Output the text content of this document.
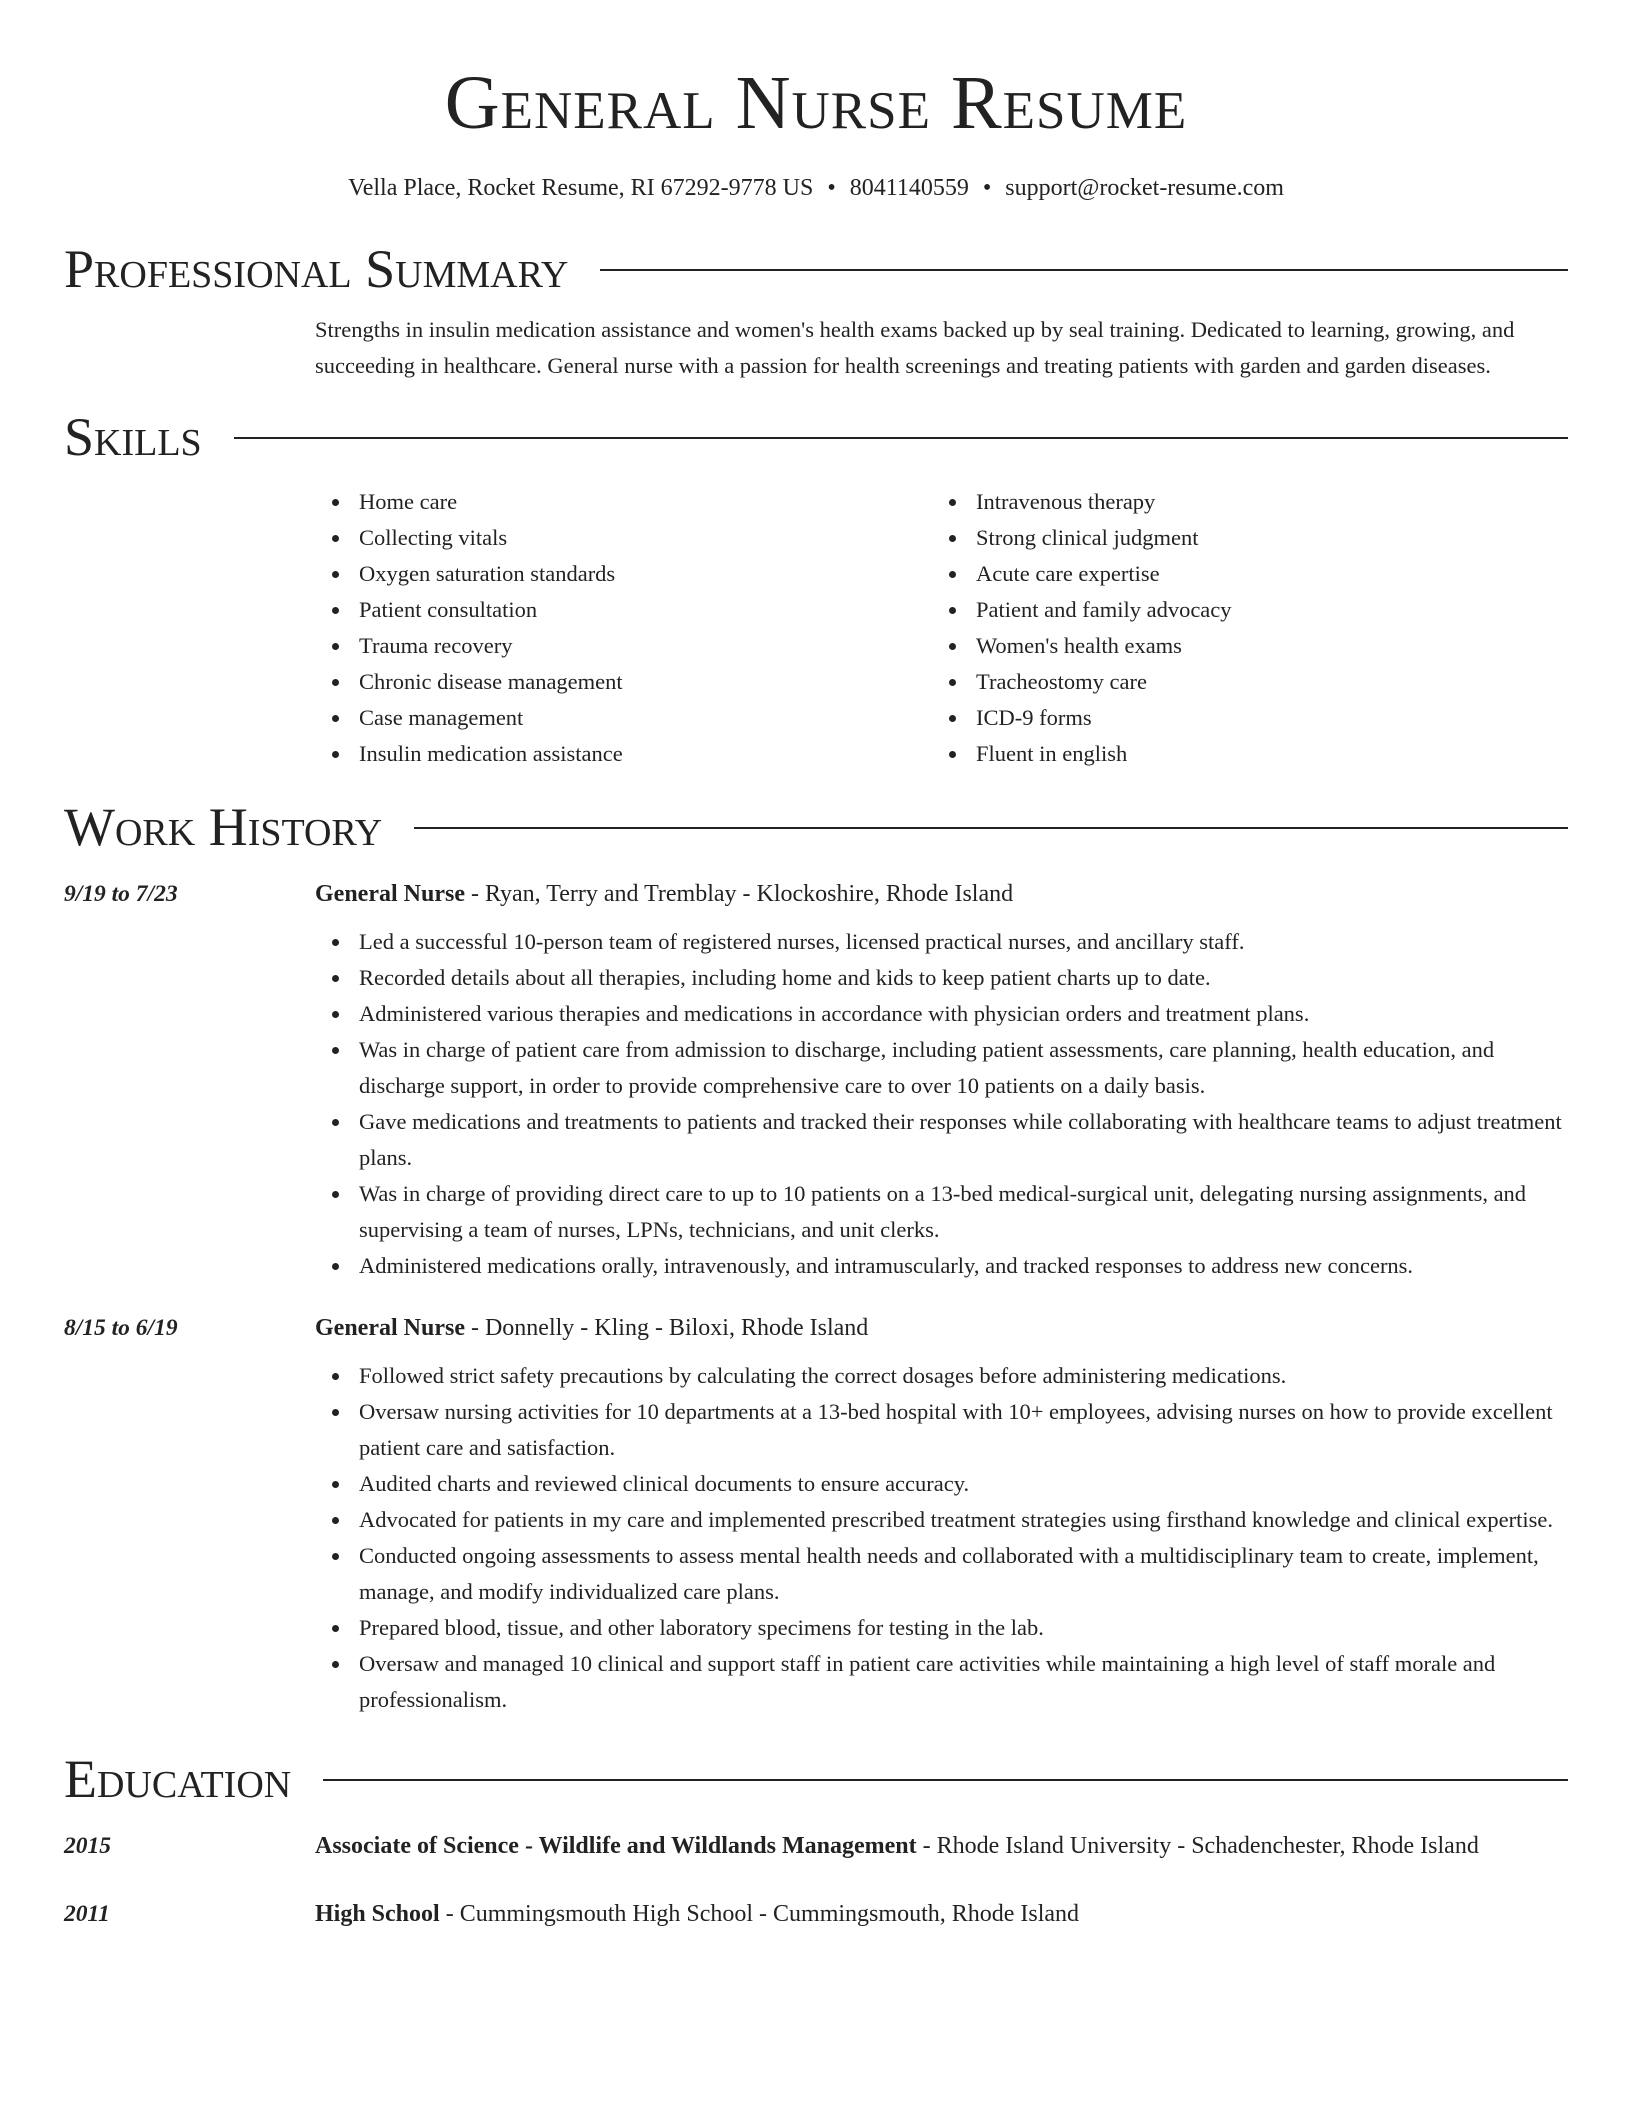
General Nurse Resume
Vella Place, Rocket Resume, RI 67292-9778 US • 8041140559 • support@rocket-resume.com
Professional Summary

Strengths in insulin medication assistance and women's health exams backed up by seal training. Dedicated to learning, growing, and succeeding in healthcare. General nurse with a passion for health screenings and treating patients with garden and garden diseases.

Skills
Home care
Collecting vitals
Oxygen saturation standards
Patient consultation
Trauma recovery
Chronic disease management
Case management
Insulin medication assistance
Intravenous therapy
Strong clinical judgment
Acute care expertise
Patient and family advocacy
Women's health exams
Tracheostomy care
ICD-9 forms
Fluent in english
Work History
9/19 to 7/23	General Nurse - Ryan, Terry and Tremblay - Klockoshire, Rhode Island
Led a successful 10-person team of registered nurses, licensed practical nurses, and ancillary staff.
Recorded details about all therapies, including home and kids to keep patient charts up to date.
Administered various therapies and medications in accordance with physician orders and treatment plans.
Was in charge of patient care from admission to discharge, including patient assessments, care planning, health education, and discharge support, in order to provide comprehensive care to over 10 patients on a daily basis.
Gave medications and treatments to patients and tracked their responses while collaborating with healthcare teams to adjust treatment plans.
Was in charge of providing direct care to up to 10 patients on a 13-bed medical-surgical unit, delegating nursing assignments, and supervising a team of nurses, LPNs, technicians, and unit clerks.
Administered medications orally, intravenously, and intramuscularly, and tracked responses to address new concerns.
8/15 to 6/19	General Nurse - Donnelly - Kling - Biloxi, Rhode Island
Followed strict safety precautions by calculating the correct dosages before administering medications.
Oversaw nursing activities for 10 departments at a 13-bed hospital with 10+ employees, advising nurses on how to provide excellent patient care and satisfaction.
Audited charts and reviewed clinical documents to ensure accuracy.
Advocated for patients in my care and implemented prescribed treatment strategies using firsthand knowledge and clinical expertise.
Conducted ongoing assessments to assess mental health needs and collaborated with a multidisciplinary team to create, implement, manage, and modify individualized care plans.
Prepared blood, tissue, and other laboratory specimens for testing in the lab.
Oversaw and managed 10 clinical and support staff in patient care activities while maintaining a high level of staff morale and professionalism.
Education
2015	Associate of Science - Wildlife and Wildlands Management - Rhode Island University - Schadenchester, Rhode Island
2011	High School - Cummingsmouth High School - Cummingsmouth, Rhode Island
